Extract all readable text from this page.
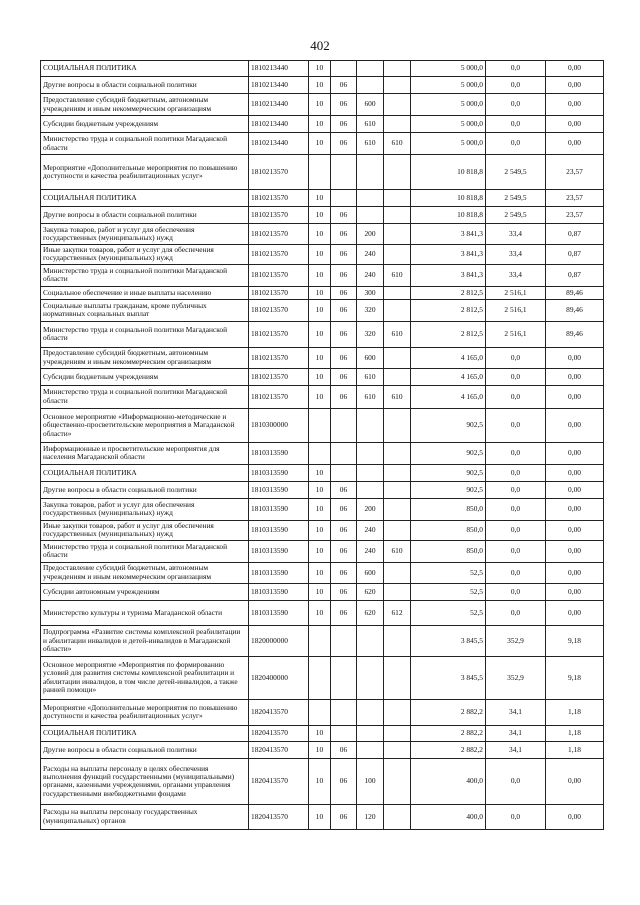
402
СОЦИАЛЬНАЯ ПОЛИТИКА	1810213440	10				5 000,0	0,0	0,00
Другие вопросы в области социальной политики	1810213440	10	06			5 000,0	0,0	0,00
Предоставление субсидий бюджетным, автономным учреждениям и иным некоммерческим организациям	1810213440	10	06	600		5 000,0	0,0	0,00
Субсидии бюджетным учреждениям	1810213440	10	06	610		5 000,0	0,0	0,00
Министерство труда и социальной политики Магаданской области	1810213440	10	06	610	610	5 000,0	0,0	0,00
Мероприятие «Дополнительные мероприятия по повышению доступности и качества реабилитационных услуг»	1810213570					10 818,8	2 549,5	23,57
СОЦИАЛЬНАЯ ПОЛИТИКА	1810213570	10				10 818,8	2 549,5	23,57
Другие вопросы в области социальной политики	1810213570	10	06			10 818,8	2 549,5	23,57
Закупка товаров, работ и услуг для обеспечения государственных (муниципальных) нужд	1810213570	10	06	200		3 841,3	33,4	0,87
Иные закупки товаров, работ и услуг для обеспечения государственных (муниципальных) нужд	1810213570	10	06	240		3 841,3	33,4	0,87
Министерство труда и социальной политики Магаданской области	1810213570	10	06	240	610	3 841,3	33,4	0,87
Социальное обеспечение и иные выплаты населению	1810213570	10	06	300		2 812,5	2 516,1	89,46
Социальные выплаты гражданам, кроме публичных нормативных социальных выплат	1810213570	10	06	320		2 812,5	2 516,1	89,46
Министерство труда и социальной политики Магаданской области	1810213570	10	06	320	610	2 812,5	2 516,1	89,46
Предоставление субсидий бюджетным, автономным учреждениям и иным некоммерческим организациям	1810213570	10	06	600		4 165,0	0,0	0,00
Субсидии бюджетным учреждениям	1810213570	10	06	610		4 165,0	0,0	0,00
Министерство труда и социальной политики Магаданской области	1810213570	10	06	610	610	4 165,0	0,0	0,00
Основное мероприятие «Информационно-методические и общественно-просветительские мероприятия в Магаданской области»	1810300000					902,5	0,0	0,00
Информационные и просветительские мероприятия для населения Магаданской области	1810313590					902,5	0,0	0,00
СОЦИАЛЬНАЯ ПОЛИТИКА	1810313590	10				902,5	0,0	0,00
Другие вопросы в области социальной политики	1810313590	10	06			902,5	0,0	0,00
Закупка товаров, работ и услуг для обеспечения государственных (муниципальных) нужд	1810313590	10	06	200		850,0	0,0	0,00
Иные закупки товаров, работ и услуг для обеспечения государственных (муниципальных) нужд	1810313590	10	06	240		850,0	0,0	0,00
Министерство труда и социальной политики Магаданской области	1810313590	10	06	240	610	850,0	0,0	0,00
Предоставление субсидий бюджетным, автономным учреждениям и иным некоммерческим организациям	1810313590	10	06	600		52,5	0,0	0,00
Субсидии автономным учреждениям	1810313590	10	06	620		52,5	0,0	0,00
Министерство культуры и туризма Магаданской области	1810313590	10	06	620	612	52,5	0,0	0,00
Подпрограмма «Развитие системы комплексной реабилитации и абилитации инвалидов и детей-инвалидов в Магаданской области»	1820000000					3 845,5	352,9	9,18
Основное мероприятие «Мероприятия по формированию условий для развития системы комплексной реабилитации и абилитации инвалидов, в том числе детей-инвалидов, а также ранней помощи»	1820400000					3 845,5	352,9	9,18
Мероприятие «Дополнительные мероприятия по повышению доступности и качества реабилитационных услуг»	1820413570					2 882,2	34,1	1,18
СОЦИАЛЬНАЯ ПОЛИТИКА	1820413570	10				2 882,2	34,1	1,18
Другие вопросы в области социальной политики	1820413570	10	06			2 882,2	34,1	1,18
Расходы на выплаты персоналу в целях обеспечения выполнения функций государственными (муниципальными) органами, казенными учреждениями, органами управления государственными внебюджетными фондами	1820413570	10	06	100		400,0	0,0	0,00
Расходы на выплаты персоналу государственных (муниципальных) органов	1820413570	10	06	120		400,0	0,0	0,00
